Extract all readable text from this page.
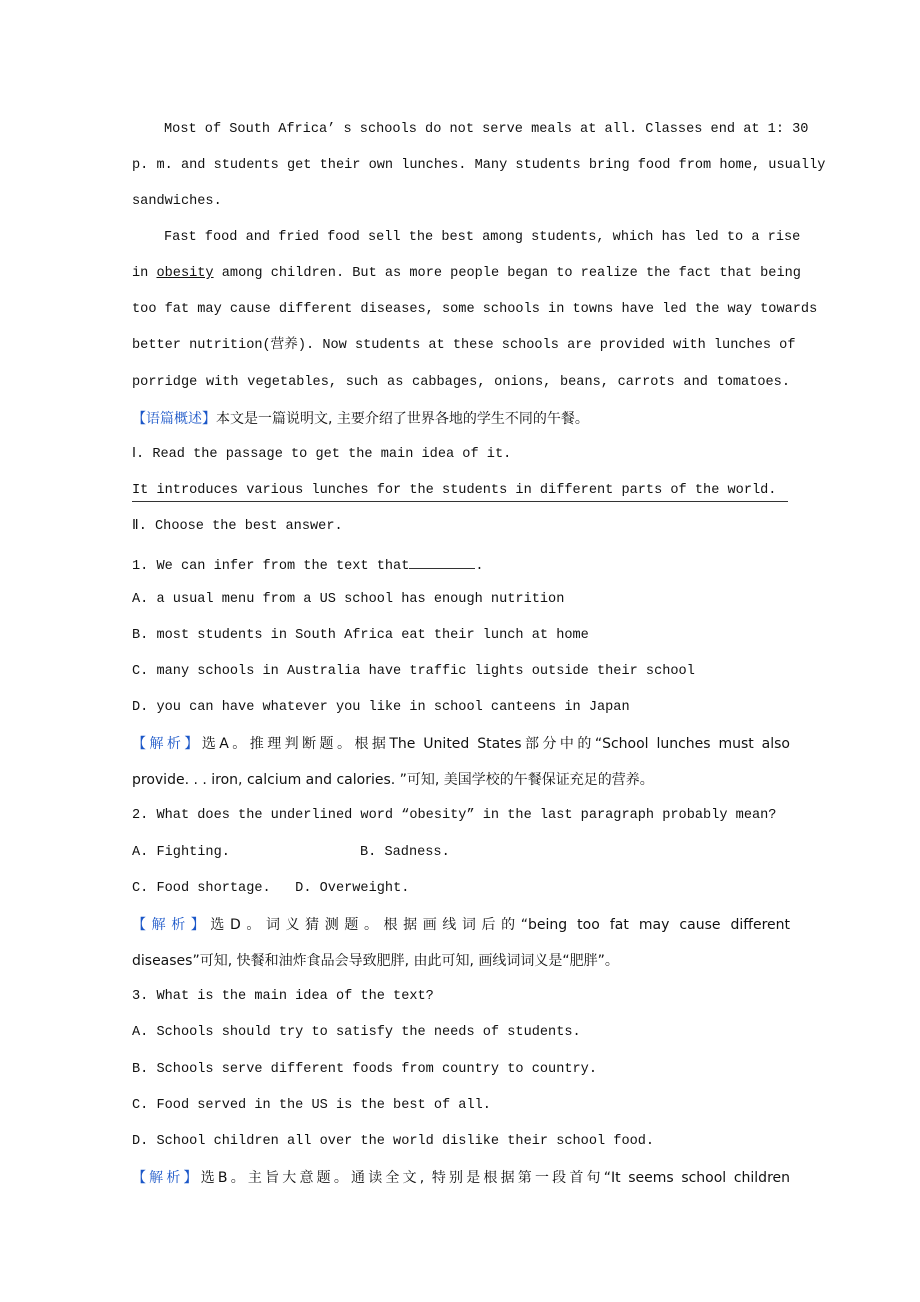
Most of South Africa’ s schools do not serve meals at all. Classes end at 1: 30
p. m. and students get their own lunches. Many students bring food from home, usually
sandwiches.
Fast food and fried food sell the best among students, which has led to a rise
in obesity among children. But as more people began to realize the fact that being
too fat may cause different diseases, some schools in towns have led the way towards
better nutrition(营养). Now students at these schools are provided with lunches of
porridge with vegetables, such as cabbages, onions, beans, carrots and tomatoes.
【语篇概述】本文是一篇说明文, 主要介绍了世界各地的学生不同的午餐。
Ⅰ. Read the passage to get the main idea of it.
It introduces various lunches for the students in different parts of the world.
Ⅱ. Choose the best answer.
1. We can infer from the text that	.
A. a usual menu from a US school has enough nutrition
B. most students in South Africa eat their lunch at home
C. many schools in Australia have traffic lights outside their school
D. you can have whatever you like in school canteens in Japan
【解析】选A。推理判断题。根据The United States部分中的“School lunches must also
provide. . . iron, calcium and calories. ”可知, 美国学校的午餐保证充足的营养。
2. What does the underlined word “obesity” in the last paragraph probably mean?
A. Fighting.	B. Sadness.
C. Food shortage. D. Overweight.
【解析】选D。词义猜测题。根据画线词后的“being too fat may cause different
diseases”可知, 快餐和油炸食品会导致肥胖, 由此可知, 画线词词义是“肥胖”。
3. What is the main idea of the text?
A. Schools should try to satisfy the needs of students.
B. Schools serve different foods from country to country.
C. Food served in the US is the best of all.
D. School children all over the world dislike their school food.
【解析】选B。主旨大意题。通读全文, 特别是根据第一段首句“It seems school children
